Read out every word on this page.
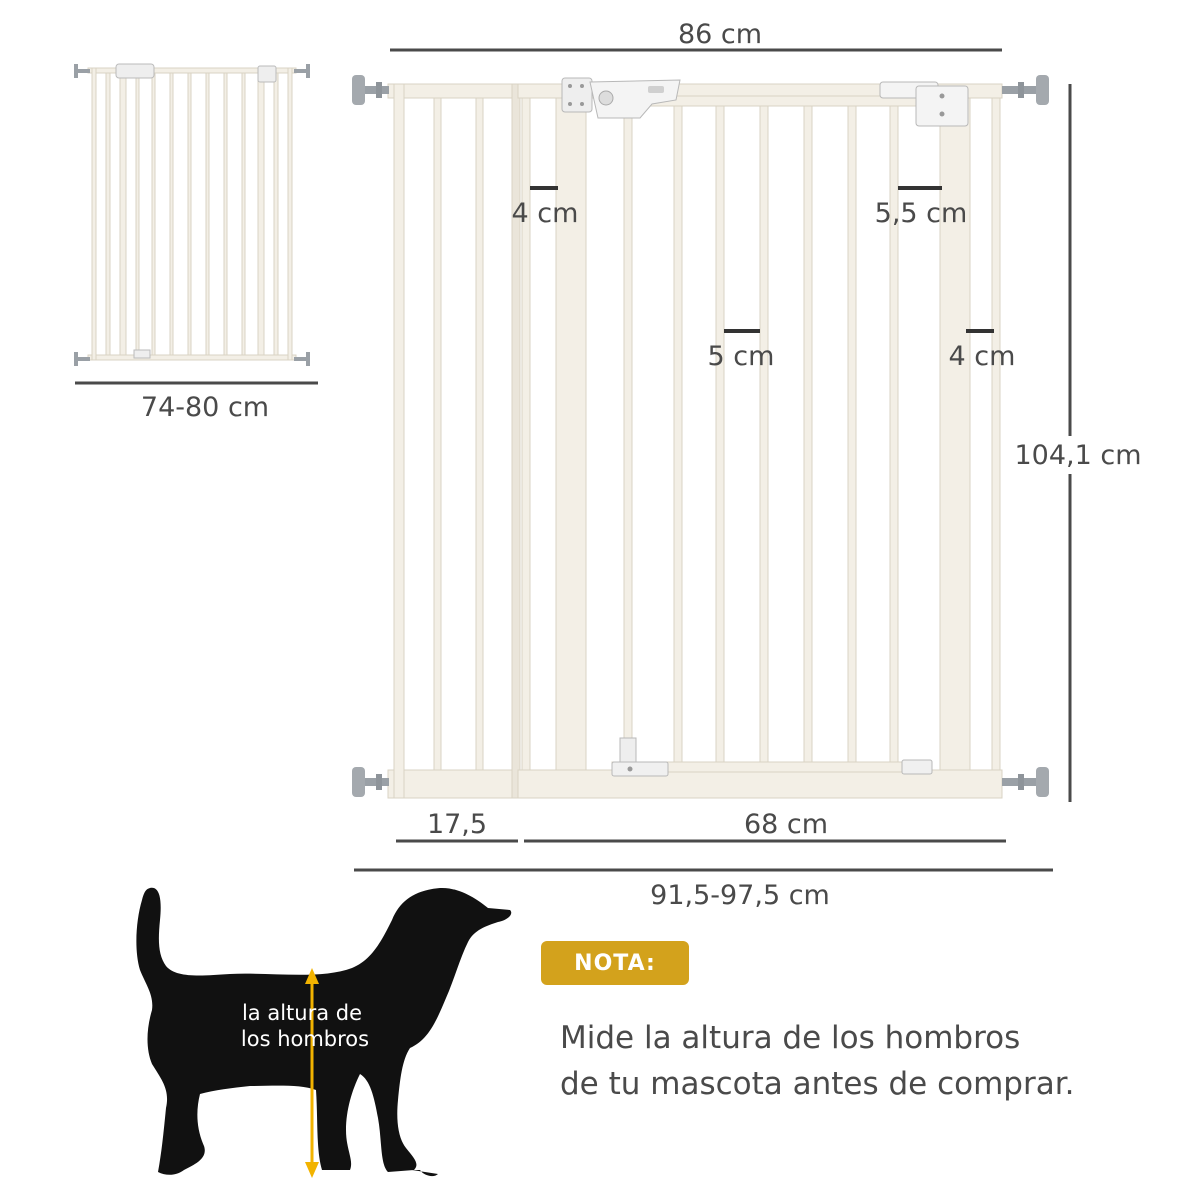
74-80 cm
86 cm
104,1 cm
4 cm	5,5 cm
5 cm	4 cm
17,5	68 cm
91,5-97,5 cm
la altura de
los hombros
NOTA:
Mide la altura de los hombros
de tu mascota antes de comprar.
